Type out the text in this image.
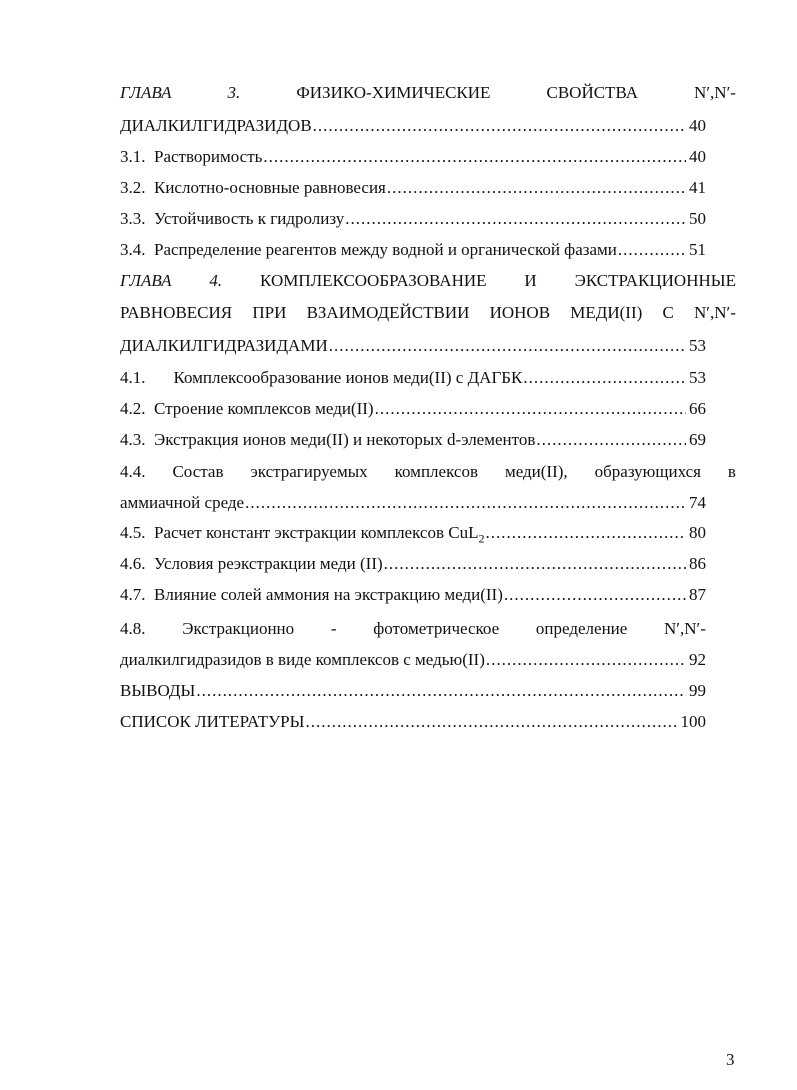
ГЛАВА	3.	ФИЗИКО-ХИМИЧЕСКИЕ	СВОЙСТВА	N′,N′-
ДИАЛКИЛГИДРАЗИДОВ .....	40
3.1. Растворимость .....	40
3.2. Кислотно-основные равновесия .....	41
3.3. Устойчивость к гидролизу .....	50
3.4. Распределение реагентов между водной и органической фазами .....	51
ГЛАВА 4. КОМПЛЕКСООБРАЗОВАНИЕ И ЭКСТРАКЦИОННЫЕ
РАВНОВЕСИЯ ПРИ ВЗАИМОДЕЙСТВИИ ИОНОВ МЕДИ(II) С N′,N′-
ДИАЛКИЛГИДРАЗИДАМИ .....	53
4.1. Комплексообразование ионов меди(II) с ДАГБК .....	53
4.2. Строение комплексов меди(II) .....	66
4.3. Экстракция ионов меди(II) и некоторых d-элементов .....	69
4.4. Состав экстрагируемых комплексов меди(II), образующихся в
аммиачной среде .....	74
4.5. Расчет констант экстракции комплексов CuL$_2$ .....	80
4.6. Условия реэкстракции меди (II) .....	86
4.7. Влияние солей аммония на экстракцию меди(II) .....	87
4.8. Экстракционно - фотометрическое определение N′,N′-
диалкилгидразидов в виде комплексов с медью(II) .....	92
ВЫВОДЫ .....	99
СПИСОК ЛИТЕРАТУРЫ .....	100
3
